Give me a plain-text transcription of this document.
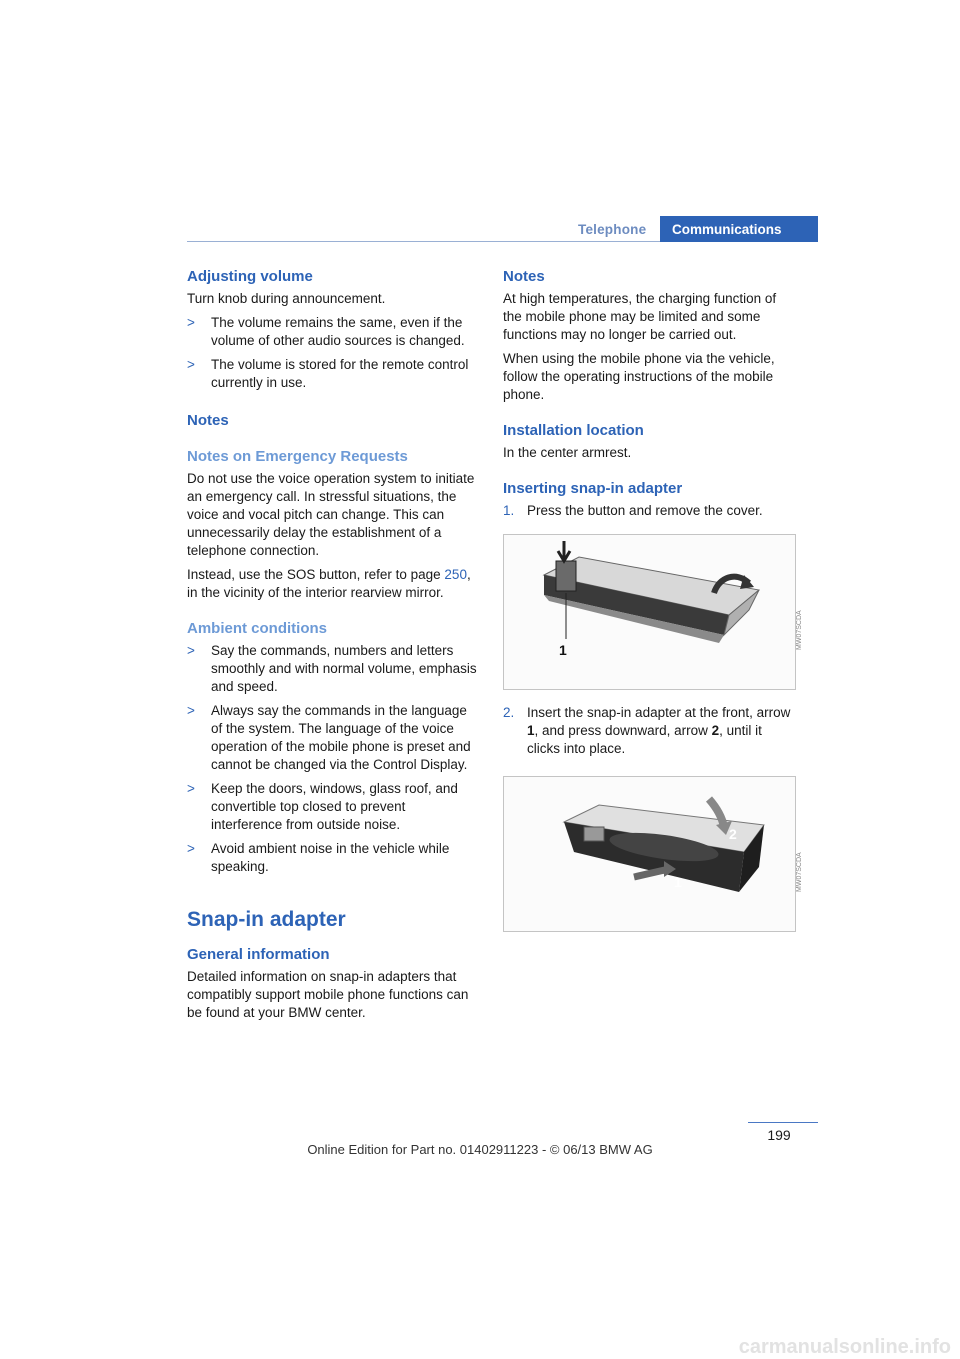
Telephone	Communications
Adjusting volume

Turn knob during announcement.

> The volume remains the same, even if the volume of other audio sources is changed.
> The volume is stored for the remote control currently in use.
Notes
Notes on Emergency Requests

Do not use the voice operation system to initiate an emergency call. In stressful situations, the voice and vocal pitch can change. This can unnecessarily delay the establishment of a telephone connection.

Instead, use the SOS button, refer to page 250, in the vicinity of the interior rearview mirror.

Ambient conditions
> Say the commands, numbers and letters smoothly and with normal volume, emphasis and speed.
> Always say the commands in the language of the system. The language of the voice operation of the mobile phone is preset and cannot be changed via the Control Display.
> Keep the doors, windows, glass roof, and convertible top closed to prevent interference from outside noise.
> Avoid ambient noise in the vehicle while speaking.
Snap-in adapter
General information

Detailed information on snap-in adapters that compatibly support mobile phone functions can be found at your BMW center.

Notes

At high temperatures, the charging function of the mobile phone may be limited and some functions may no longer be carried out.

When using the mobile phone via the vehicle, follow the operating instructions of the mobile phone.

Installation location

In the center armrest.

Inserting snap-in adapter
1. Press the button and remove the cover.
1	MW07SCDA
2. Insert the snap-in adapter at the front, arrow 1, and press downward, arrow 2, until it clicks into place.
2
1	MW07SCDA
199
Online Edition for Part no. 01402911223 - © 06/13 BMW AG
carmanualsonline.info
